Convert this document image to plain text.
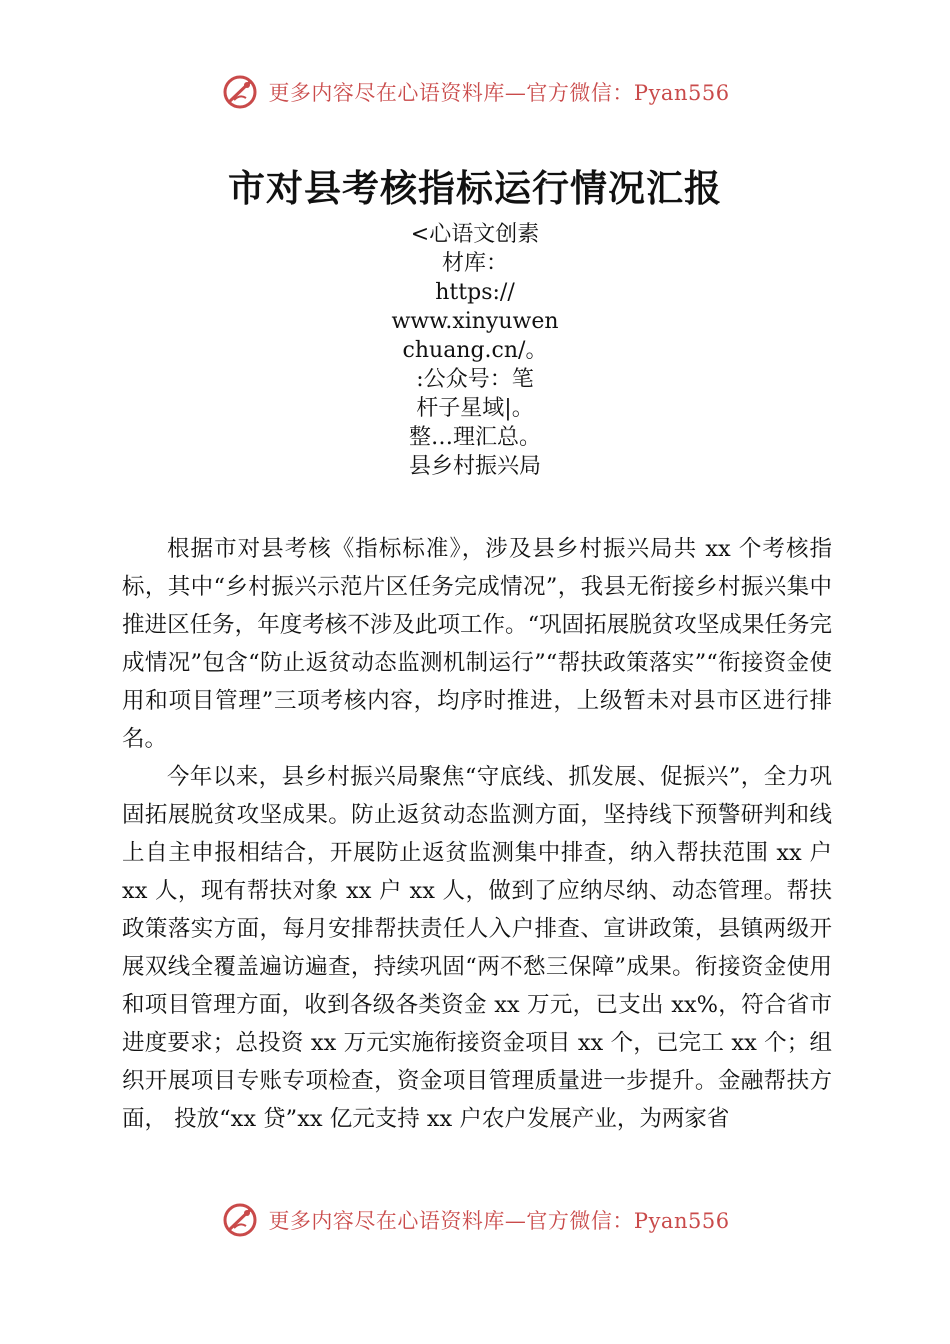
更多内容尽在心语资料库—官方微信：Pyan556
市对县考核指标运行情况汇报
<心语文创素
材库：
https://
www.xinyuwen
chuang.cn/。
:公众号：笔
杆子星域|。
整…理汇总。
县乡村振兴局

根据市对县考核《指标标准》，涉及县乡村振兴局共 xx 个考核指标，其中“乡村振兴示范片区任务完成情况”，我县无衔接乡村振兴集中推进区任务，年度考核不涉及此项工作。“巩固拓展脱贫攻坚成果任务完成情况”包含“防止返贫动态监测机制运行”“帮扶政策落实”“衔接资金使用和项目管理”三项考核内容，均序时推进，上级暂未对县市区进行排名。

今年以来，县乡村振兴局聚焦“守底线、抓发展、促振兴”，全力巩固拓展脱贫攻坚成果。防止返贫动态监测方面，坚持线下预警研判和线上自主申报相结合，开展防止返贫监测集中排查，纳入帮扶范围 xx 户 xx 人，现有帮扶对象 xx 户 xx 人，做到了应纳尽纳、动态管理。帮扶政策落实方面，每月安排帮扶责任人入户排查、宣讲政策，县镇两级开展双线全覆盖遍访遍查，持续巩固“两不愁三保障”成果。衔接资金使用和项目管理方面，收到各级各类资金 xx 万元，已支出 xx%，符合省市进度要求；总投资 xx 万元实施衔接资金项目 xx 个，已完工 xx 个；组织开展项目专账专项检查，资金项目管理质量进一步提升。金融帮扶方面， 投放“xx 贷”xx 亿元支持 xx 户农户发展产业，为两家省

更多内容尽在心语资料库—官方微信：Pyan556
